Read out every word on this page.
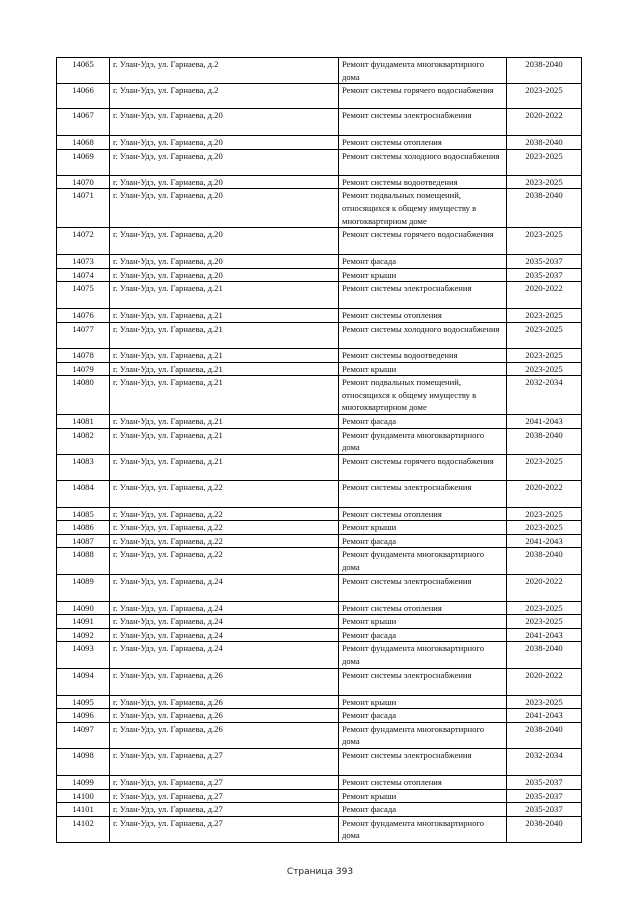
14065	г. Улан-Удэ, ул. Гарнаева, д.2	Ремонт фундамента многоквартирного дома	2038-2040
14066	г. Улан-Удэ, ул. Гарнаева, д.2	Ремонт системы горячего водоснабжения	2023-2025
14067	г. Улан-Удэ, ул. Гарнаева, д.20	Ремонт системы электроснабжения	2020-2022
14068	г. Улан-Удэ, ул. Гарнаева, д.20	Ремонт системы отопления	2038-2040
14069	г. Улан-Удэ, ул. Гарнаева, д.20	Ремонт системы холодного водоснабжения	2023-2025
14070	г. Улан-Удэ, ул. Гарнаева, д.20	Ремонт системы водоотведения	2023-2025
14071	г. Улан-Удэ, ул. Гарнаева, д.20	Ремонт подвальных помещений, относящихся к общему имуществу в многоквартирном доме	2038-2040
14072	г. Улан-Удэ, ул. Гарнаева, д.20	Ремонт системы горячего водоснабжения	2023-2025
14073	г. Улан-Удэ, ул. Гарнаева, д.20	Ремонт фасада	2035-2037
14074	г. Улан-Удэ, ул. Гарнаева, д.20	Ремонт крыши	2035-2037
14075	г. Улан-Удэ, ул. Гарнаева, д.21	Ремонт системы электроснабжения	2020-2022
14076	г. Улан-Удэ, ул. Гарнаева, д.21	Ремонт системы отопления	2023-2025
14077	г. Улан-Удэ, ул. Гарнаева, д.21	Ремонт системы холодного водоснабжения	2023-2025
14078	г. Улан-Удэ, ул. Гарнаева, д.21	Ремонт системы водоотведения	2023-2025
14079	г. Улан-Удэ, ул. Гарнаева, д.21	Ремонт крыши	2023-2025
14080	г. Улан-Удэ, ул. Гарнаева, д.21	Ремонт подвальных помещений, относящихся к общему имуществу в многоквартирном доме	2032-2034
14081	г. Улан-Удэ, ул. Гарнаева, д.21	Ремонт фасада	2041-2043
14082	г. Улан-Удэ, ул. Гарнаева, д.21	Ремонт фундамента многоквартирного дома	2038-2040
14083	г. Улан-Удэ, ул. Гарнаева, д.21	Ремонт системы горячего водоснабжения	2023-2025
14084	г. Улан-Удэ, ул. Гарнаева, д.22	Ремонт системы электроснабжения	2020-2022
14085	г. Улан-Удэ, ул. Гарнаева, д.22	Ремонт системы отопления	2023-2025
14086	г. Улан-Удэ, ул. Гарнаева, д.22	Ремонт крыши	2023-2025
14087	г. Улан-Удэ, ул. Гарнаева, д.22	Ремонт фасада	2041-2043
14088	г. Улан-Удэ, ул. Гарнаева, д.22	Ремонт фундамента многоквартирного дома	2038-2040
14089	г. Улан-Удэ, ул. Гарнаева, д.24	Ремонт системы электроснабжения	2020-2022
14090	г. Улан-Удэ, ул. Гарнаева, д.24	Ремонт системы отопления	2023-2025
14091	г. Улан-Удэ, ул. Гарнаева, д.24	Ремонт крыши	2023-2025
14092	г. Улан-Удэ, ул. Гарнаева, д.24	Ремонт фасада	2041-2043
14093	г. Улан-Удэ, ул. Гарнаева, д.24	Ремонт фундамента многоквартирного дома	2038-2040
14094	г. Улан-Удэ, ул. Гарнаева, д.26	Ремонт системы электроснабжения	2020-2022
14095	г. Улан-Удэ, ул. Гарнаева, д.26	Ремонт крыши	2023-2025
14096	г. Улан-Удэ, ул. Гарнаева, д.26	Ремонт фасада	2041-2043
14097	г. Улан-Удэ, ул. Гарнаева, д.26	Ремонт фундамента многоквартирного дома	2038-2040
14098	г. Улан-Удэ, ул. Гарнаева, д.27	Ремонт системы электроснабжения	2032-2034
14099	г. Улан-Удэ, ул. Гарнаева, д.27	Ремонт системы отопления	2035-2037
14100	г. Улан-Удэ, ул. Гарнаева, д.27	Ремонт крыши	2035-2037
14101	г. Улан-Удэ, ул. Гарнаева, д.27	Ремонт фасада	2035-2037
14102	г. Улан-Удэ, ул. Гарнаева, д.27	Ремонт фундамента многоквартирного дома	2038-2040
Страница 393
